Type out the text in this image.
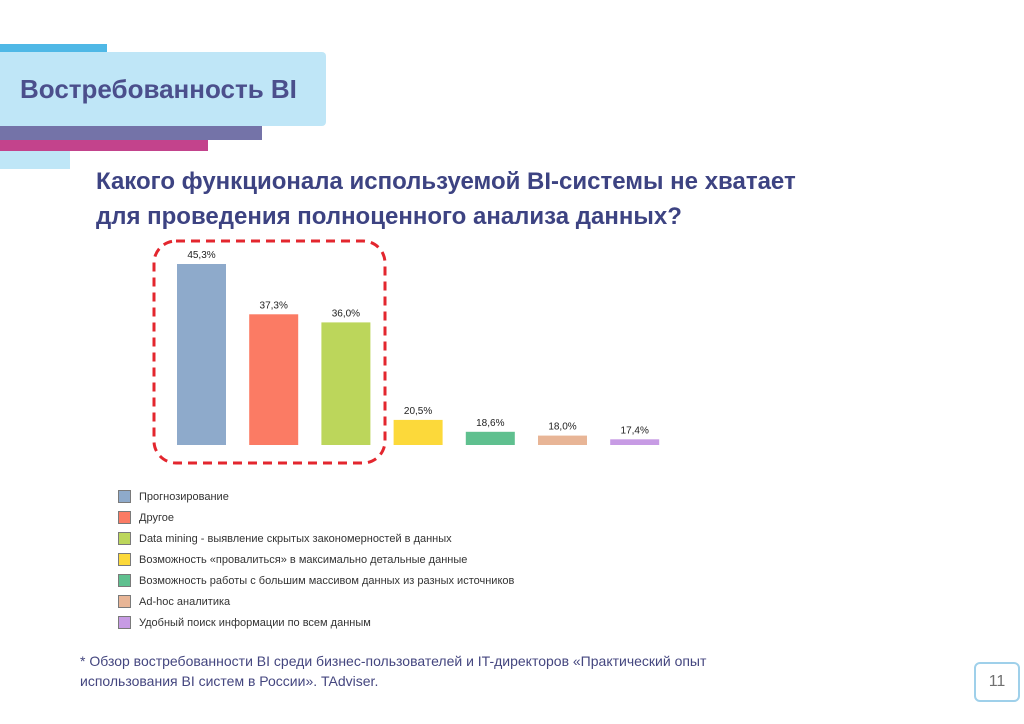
Востребованность BI
Какого функционала используемой BI-системы не хватает
для проведения полноценного анализа данных?
45,3%
37,3%
36,0%
20,5%
18,6%	18,0%	17,4%
Прогнозирование
Другое
Data mining - выявление скрытых закономерностей в данных
Возможность «провалиться» в максимально детальные данные
Возможность работы с большим массивом данных из разных источников
Ad-hoc аналитика
Удобный поиск информации по всем данным
* Обзор востребованности BI среди бизнес-пользователей и IT-директоров «Практический опыт
использования BI систем в России». TAdviser.	11
